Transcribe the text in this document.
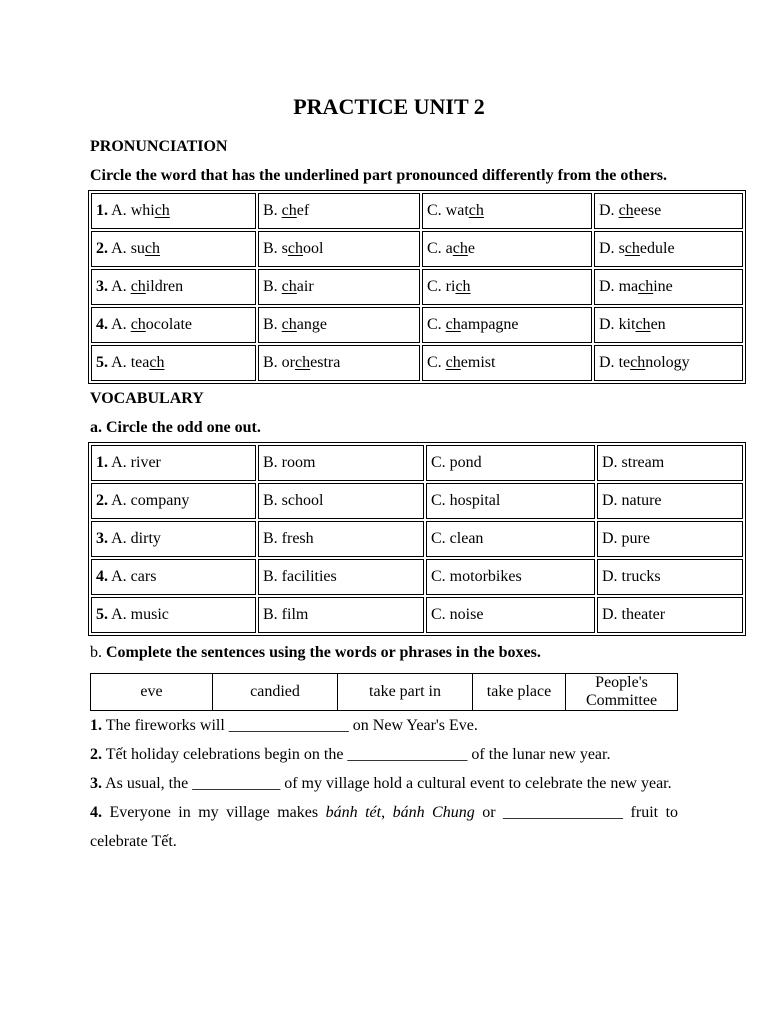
PRACTICE UNIT 2

PRONUNCIATION

Circle the word that has the underlined part pronounced differently from the others.

1. A. which	B. chef	C. watch	D. cheese
2. A. such	B. school	C. ache	D. schedule
3. A. children	B. chair	C. rich	D. machine
4. A. chocolate	B. change	C. champagne	D. kitchen
5. A. teach	B. orchestra	C. chemist	D. technology

VOCABULARY

a. Circle the odd one out.

1. A. river	B. room	C. pond	D. stream
2. A. company	B. school	C. hospital	D. nature
3. A. dirty	B. fresh	C. clean	D. pure
4. A. cars	B. facilities	C. motorbikes	D. trucks
5. A. music	B. film	C. noise	D. theater

b. Complete the sentences using the words or phrases in the boxes.

eve	candied	take part in	take place	People's Committee

1. The fireworks will _______________ on New Year's Eve.

2. Tết holiday celebrations begin on the _______________ of the lunar new year.

3. As usual, the ___________ of my village hold a cultural event to celebrate the new year.

4. Everyone in my village makes bánh tét, bánh Chung or _______________ fruit to celebrate Tết.
